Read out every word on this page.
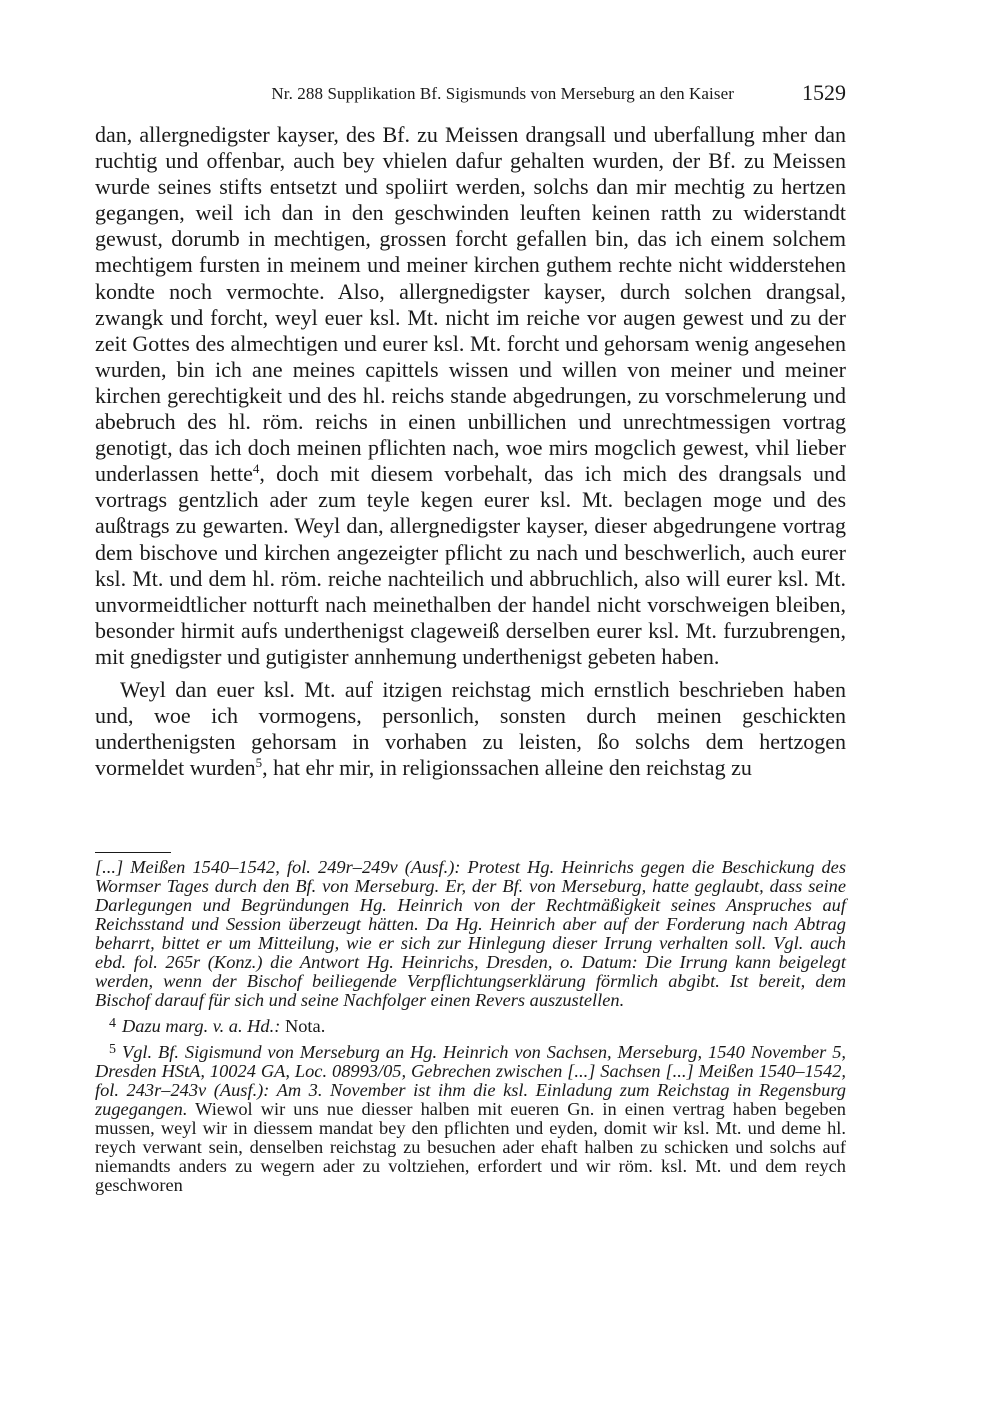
Nr. 288 Supplikation Bf. Sigismunds von Merseburg an den Kaiser	1529

dan, allergnedigster kayser, des Bf. zu Meissen drangsall und uberfallung mher dan ruchtig und offenbar, auch bey vhielen dafur gehalten wurden, der Bf. zu Meissen wurde seines stifts entsetzt und spoliirt werden, solchs dan mir mechtig zu hertzen gegangen, weil ich dan in den geschwinden leuften keinen ratth zu widerstandt gewust, dorumb in mechtigen, grossen forcht gefallen bin, das ich einem solchem mechtigem fursten in meinem und meiner kirchen guthem rechte nicht widderstehen kondte noch vermochte. Also, allergnedigster kayser, durch solchen drangsal, zwangk und forcht, weyl euer ksl. Mt. nicht im reiche vor augen gewest und zu der zeit Gottes des almechtigen und eurer ksl. Mt. forcht und gehorsam wenig angesehen wurden, bin ich ane meines capittels wissen und willen von meiner und meiner kirchen gerechtigkeit und des hl. reichs stande abgedrungen, zu vorschmelerung und abebruch des hl. röm. reichs in einen unbillichen und unrechtmessigen vortrag genotigt, das ich doch meinen pflichten nach, woe mirs mogclich gewest, vhil lieber underlassen hette$^4$, doch mit diesem vorbehalt, das ich mich des drangsals und vortrags gentzlich ader zum teyle kegen eurer ksl. Mt. beclagen moge und des außtrags zu gewarten. Weyl dan, allergnedigster kayser, dieser abgedrungene vortrag dem bischove und kirchen angezeigter pflicht zu nach und beschwerlich, auch eurer ksl. Mt. und dem hl. röm. reiche nachteilich und abbruchlich, also will eurer ksl. Mt. unvormeidtlicher notturft nach meinethalben der handel nicht vorschweigen bleiben, besonder hirmit aufs underthenigst clageweiß derselben eurer ksl. Mt. furzubrengen, mit gnedigster und gutigister annhemung underthenigst gebeten haben.

Weyl dan euer ksl. Mt. auf itzigen reichstag mich ernstlich beschrieben haben und, woe ich vormogens, personlich, sonsten durch meinen geschickten underthenigsten gehorsam in vorhaben zu leisten, ßo solchs dem hertzogen vormeldet wurden$^5$, hat ehr mir, in religionssachen alleine den reichstag zu

[...] Meißen 1540–1542, fol. 249r–249v (Ausf.): Protest Hg. Heinrichs gegen die Beschickung des Wormser Tages durch den Bf. von Merseburg. Er, der Bf. von Merseburg, hatte geglaubt, dass seine Darlegungen und Begründungen Hg. Heinrich von der Rechtmäßigkeit seines Anspruches auf Reichsstand und Session überzeugt hätten. Da Hg. Heinrich aber auf der Forderung nach Abtrag beharrt, bittet er um Mitteilung, wie er sich zur Hinlegung dieser Irrung verhalten soll. Vgl. auch ebd. fol. 265r (Konz.) die Antwort Hg. Heinrichs, Dresden, o. Datum: Die Irrung kann beigelegt werden, wenn der Bischof beiliegende Verpflichtungserklärung förmlich abgibt. Ist bereit, dem Bischof darauf für sich und seine Nachfolger einen Revers auszustellen.

$^4$ Dazu marg. v. a. Hd.: Nota.

$^5$ Vgl. Bf. Sigismund von Merseburg an Hg. Heinrich von Sachsen, Merseburg, 1540 November 5, Dresden HStA, 10024 GA, Loc. 08993/05, Gebrechen zwischen [...] Sachsen [...] Meißen 1540–1542, fol. 243r–243v (Ausf.): Am 3. November ist ihm die ksl. Einladung zum Reichstag in Regensburg zugegangen. Wiewol wir uns nue diesser halben mit eueren Gn. in einen vertrag haben begeben mussen, weyl wir in diessem mandat bey den pflichten und eyden, domit wir ksl. Mt. und deme hl. reych verwant sein, denselben reichstag zu besuchen ader ehaft halben zu schicken und solchs auf niemandts anders zu wegern ader zu voltziehen, erfordert und wir röm. ksl. Mt. und dem reych geschworen
